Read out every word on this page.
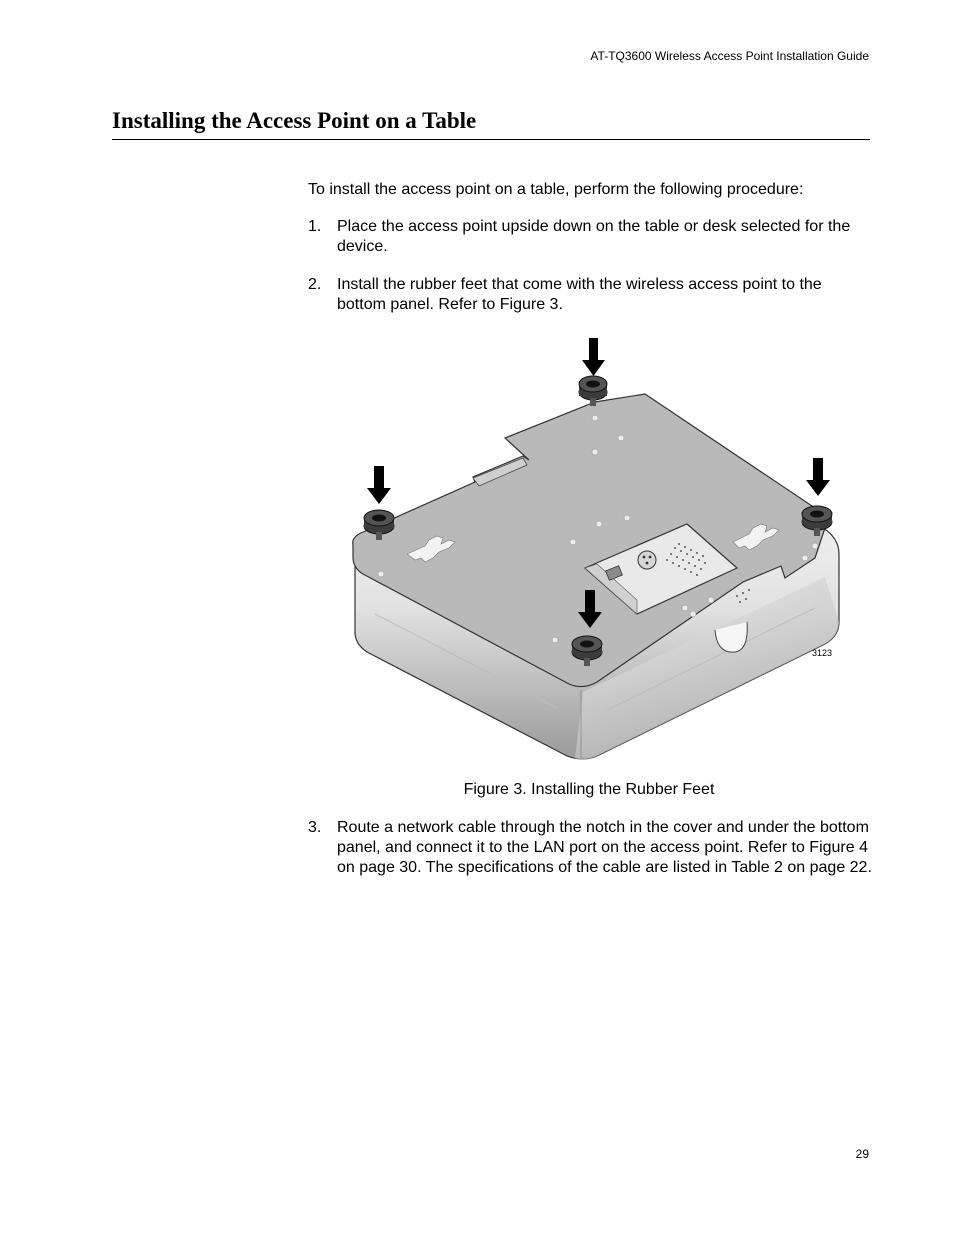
AT-TQ3600 Wireless Access Point Installation Guide
Installing the Access Point on a Table
To install the access point on a table, perform the following procedure:
1. Place the access point upside down on the table or desk selected for the device.
2. Install the rubber feet that come with the wireless access point to the bottom panel. Refer to Figure 3.
3123
Figure 3. Installing the Rubber Feet
3. Route a network cable through the notch in the cover and under the bottom panel, and connect it to the LAN port on the access point. Refer to Figure 4 on page 30. The specifications of the cable are listed in Table 2 on page 22.
29
